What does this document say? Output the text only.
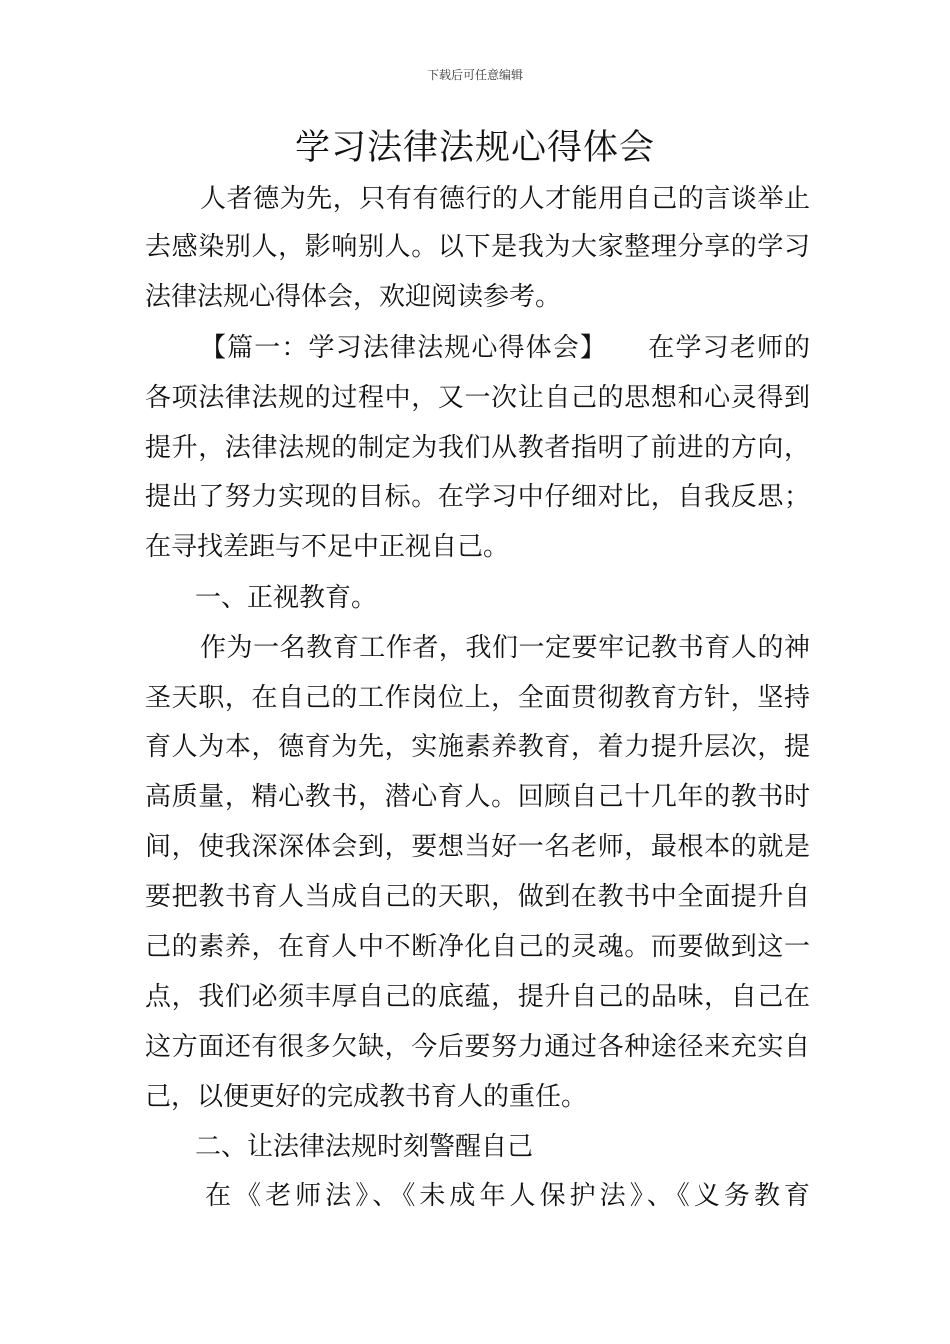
下载后可任意编辑
学习法律法规心得体会
人者德为先，只有有德行的人才能用自己的言谈举止
去感染别人，影响别人。以下是我为大家整理分享的学习
法律法规心得体会，欢迎阅读参考。
【篇一：学习法律法规心得体会】　　在学习老师的
各项法律法规的过程中，又一次让自己的思想和心灵得到
提升，法律法规的制定为我们从教者指明了前进的方向，
提出了努力实现的目标。在学习中仔细对比，自我反思；
在寻找差距与不足中正视自己。
一、正视教育。
作为一名教育工作者，我们一定要牢记教书育人的神
圣天职，在自己的工作岗位上，全面贯彻教育方针，坚持
育人为本，德育为先，实施素养教育，着力提升层次，提
高质量，精心教书，潜心育人。回顾自己十几年的教书时
间，使我深深体会到，要想当好一名老师，最根本的就是
要把教书育人当成自己的天职，做到在教书中全面提升自
己的素养，在育人中不断净化自己的灵魂。而要做到这一
点，我们必须丰厚自己的底蕴，提升自己的品味，自己在
这方面还有很多欠缺，今后要努力通过各种途径来充实自
己，以便更好的完成教书育人的重任。
二、让法律法规时刻警醒自己
在《老师法》、《未成年人保护法》、《义务教育
